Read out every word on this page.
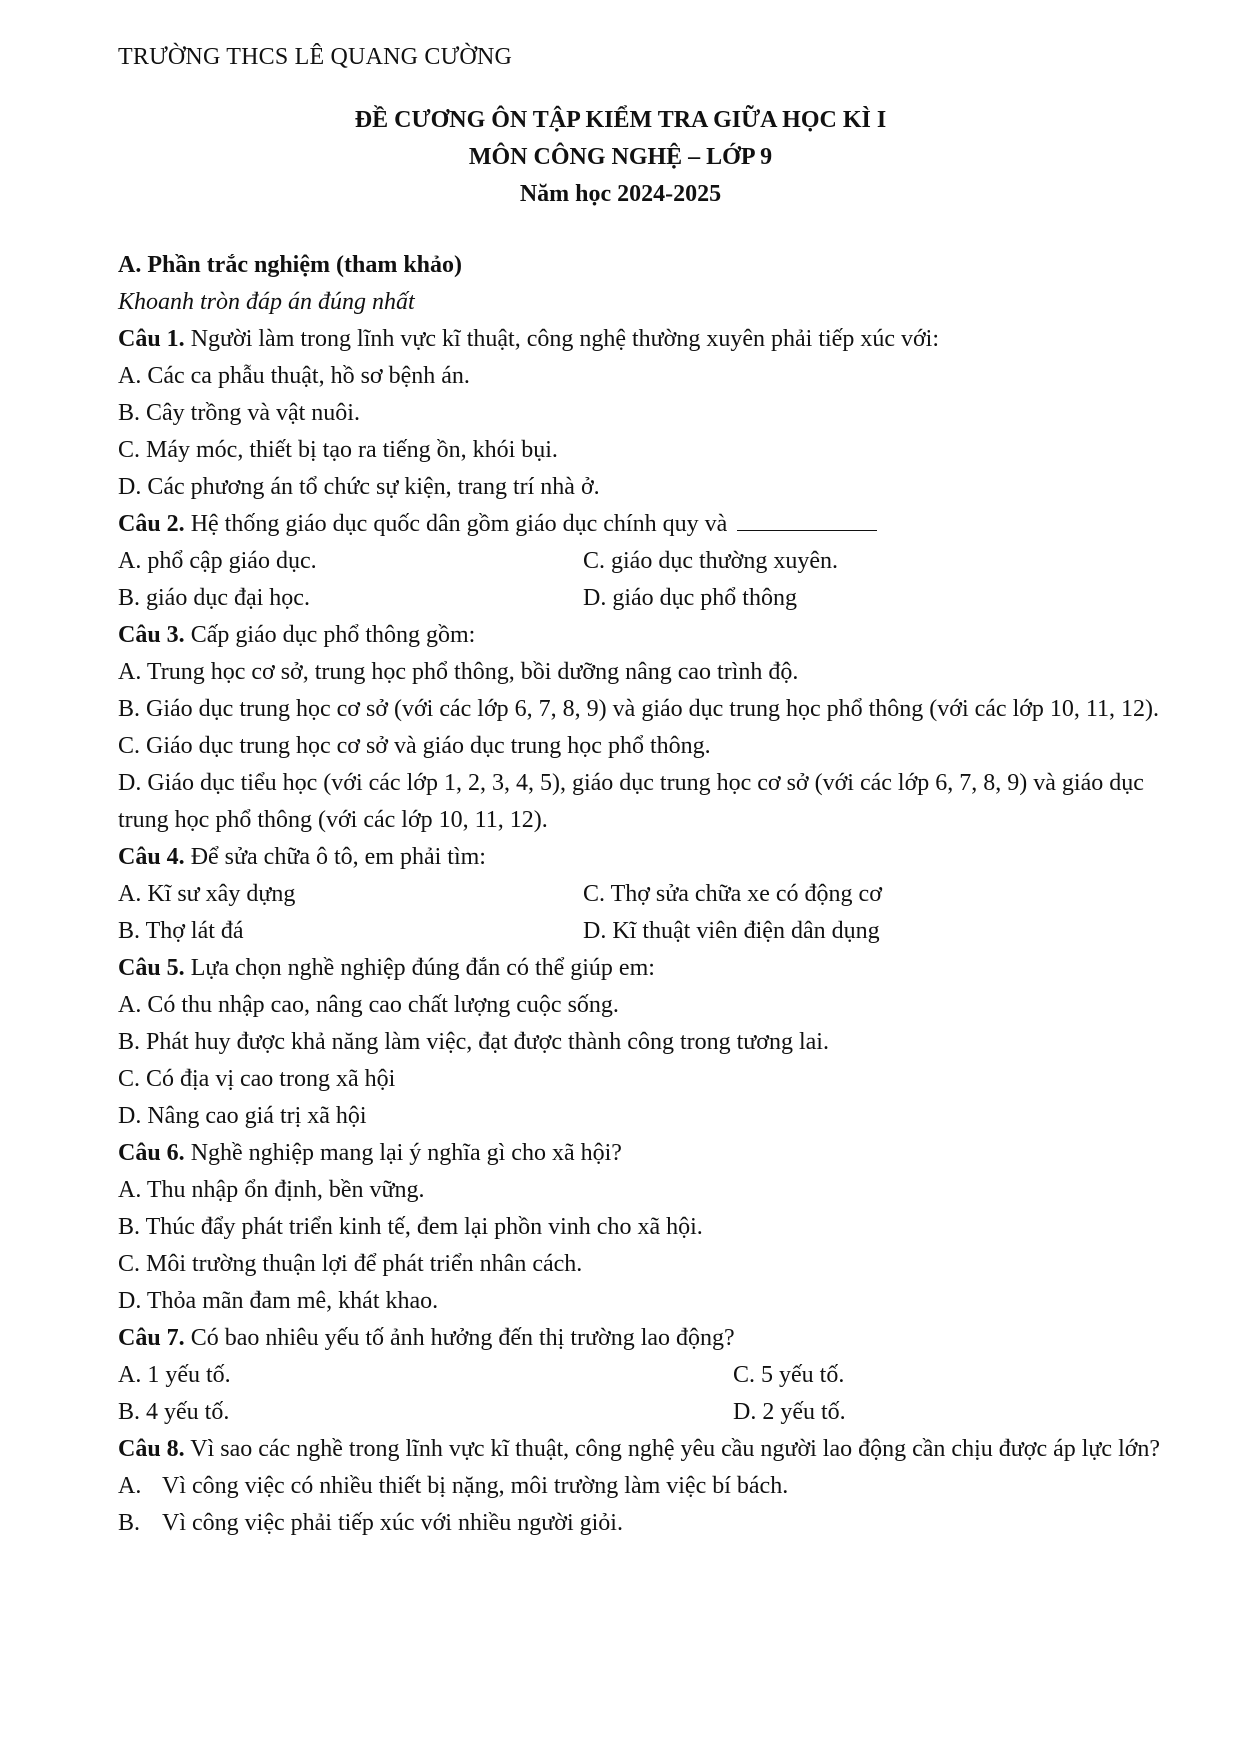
TRƯỜNG THCS LÊ QUANG CƯỜNG
ĐỀ CƯƠNG ÔN TẬP KIỂM TRA GIỮA HỌC KÌ I
MÔN CÔNG NGHỆ – LỚP 9
Năm học 2024-2025
A. Phần trắc nghiệm (tham khảo)
Khoanh tròn đáp án đúng nhất
Câu 1. Người làm trong lĩnh vực kĩ thuật, công nghệ thường xuyên phải tiếp xúc với:
A. Các ca phẫu thuật, hồ sơ bệnh án.
B. Cây trồng và vật nuôi.
C. Máy móc, thiết bị tạo ra tiếng ồn, khói bụi.
D. Các phương án tổ chức sự kiện, trang trí nhà ở.
Câu 2. Hệ thống giáo dục quốc dân gồm giáo dục chính quy và
A. phổ cập giáo dục.	C. giáo dục thường xuyên.
B. giáo dục đại học.	D. giáo dục phổ thông
Câu 3. Cấp giáo dục phổ thông gồm:
A. Trung học cơ sở, trung học phổ thông, bồi dưỡng nâng cao trình độ.
B. Giáo dục trung học cơ sở (với các lớp 6, 7, 8, 9) và giáo dục trung học phổ thông (với các lớp 10, 11, 12).
C. Giáo dục trung học cơ sở và giáo dục trung học phổ thông.
D. Giáo dục tiểu học (với các lớp 1, 2, 3, 4, 5), giáo dục trung học cơ sở (với các lớp 6, 7, 8, 9) và giáo dục trung học phổ thông (với các lớp 10, 11, 12).
Câu 4. Để sửa chữa ô tô, em phải tìm:
A. Kĩ sư xây dựng	C. Thợ sửa chữa xe có động cơ
B. Thợ lát đá	D. Kĩ thuật viên điện dân dụng
Câu 5. Lựa chọn nghề nghiệp đúng đắn có thể giúp em:
A. Có thu nhập cao, nâng cao chất lượng cuộc sống.
B. Phát huy được khả năng làm việc, đạt được thành công trong tương lai.
C. Có địa vị cao trong xã hội
D. Nâng cao giá trị xã hội
Câu 6. Nghề nghiệp mang lại ý nghĩa gì cho xã hội?
A. Thu nhập ổn định, bền vững.
B. Thúc đẩy phát triển kinh tế, đem lại phồn vinh cho xã hội.
C. Môi trường thuận lợi để phát triển nhân cách.
D. Thỏa mãn đam mê, khát khao.
Câu 7. Có bao nhiêu yếu tố ảnh hưởng đến thị trường lao động?
A. 1 yếu tố.	C. 5 yếu tố.
B. 4 yếu tố.	D. 2 yếu tố.
Câu 8. Vì sao các nghề trong lĩnh vực kĩ thuật, công nghệ yêu cầu người lao động cần chịu được áp lực lớn?
A. Vì công việc có nhiều thiết bị nặng, môi trường làm việc bí bách.
B. Vì công việc phải tiếp xúc với nhiều người giỏi.
